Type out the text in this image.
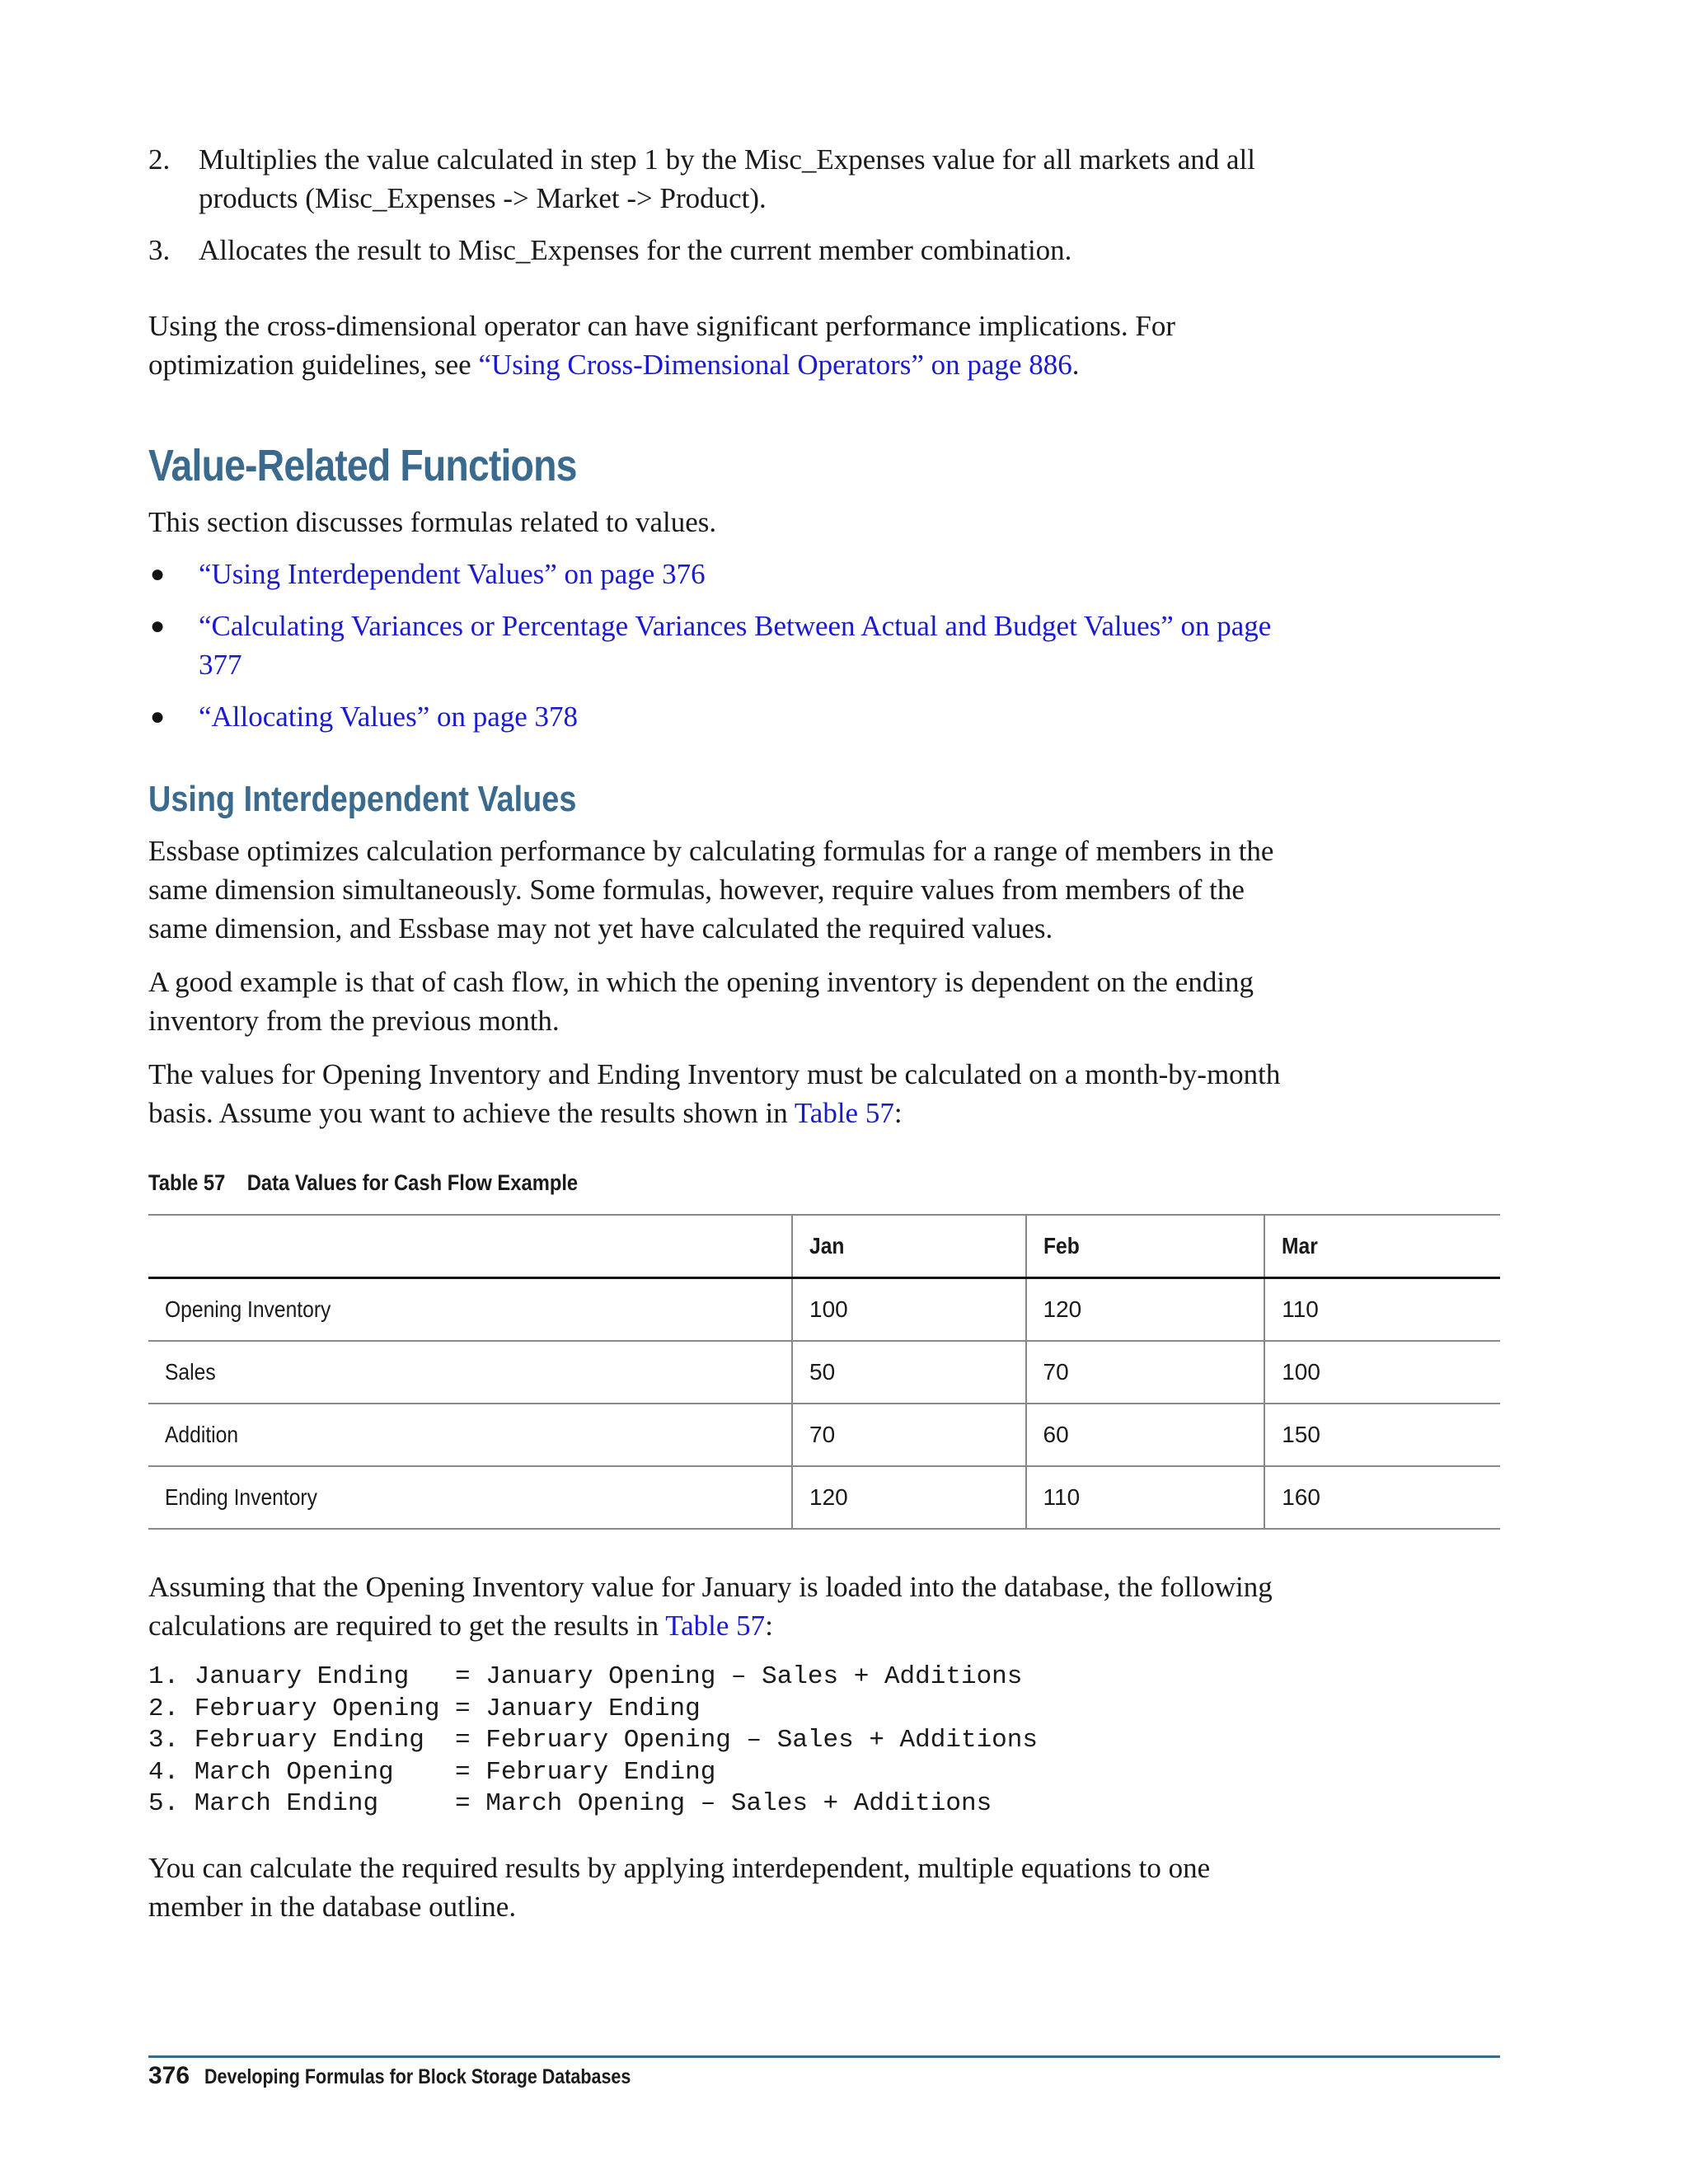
2. Multiplies the value calculated in step 1 by the Misc_Expenses value for all markets and all products (Misc_Expenses -> Market -> Product).
3. Allocates the result to Misc_Expenses for the current member combination.

Using the cross-dimensional operator can have significant performance implications. For optimization guidelines, see “Using Cross-Dimensional Operators” on page 886.

Value-Related Functions

This section discusses formulas related to values.

● “Using Interdependent Values” on page 376
● “Calculating Variances or Percentage Variances Between Actual and Budget Values” on page 377
● “Allocating Values” on page 378
Using Interdependent Values

Essbase optimizes calculation performance by calculating formulas for a range of members in the same dimension simultaneously. Some formulas, however, require values from members of the same dimension, and Essbase may not yet have calculated the required values.

A good example is that of cash flow, in which the opening inventory is dependent on the ending inventory from the previous month.

The values for Opening Inventory and Ending Inventory must be calculated on a month-by-month basis. Assume you want to achieve the results shown in Table 57:

Table 57 Data Values for Cash Flow Example
	Jan	Feb	Mar
Opening Inventory	100	120	110
Sales	50	70	100
Addition	70	60	150
Ending Inventory	120	110	160

Assuming that the Opening Inventory value for January is loaded into the database, the following calculations are required to get the results in Table 57:

1. January Ending   = January Opening – Sales + Additions
2. February Opening = January Ending
3. February Ending  = February Opening – Sales + Additions
4. March Opening    = February Ending
5. March Ending     = March Opening – Sales + Additions

You can calculate the required results by applying interdependent, multiple equations to one member in the database outline.

376 Developing Formulas for Block Storage Databases
